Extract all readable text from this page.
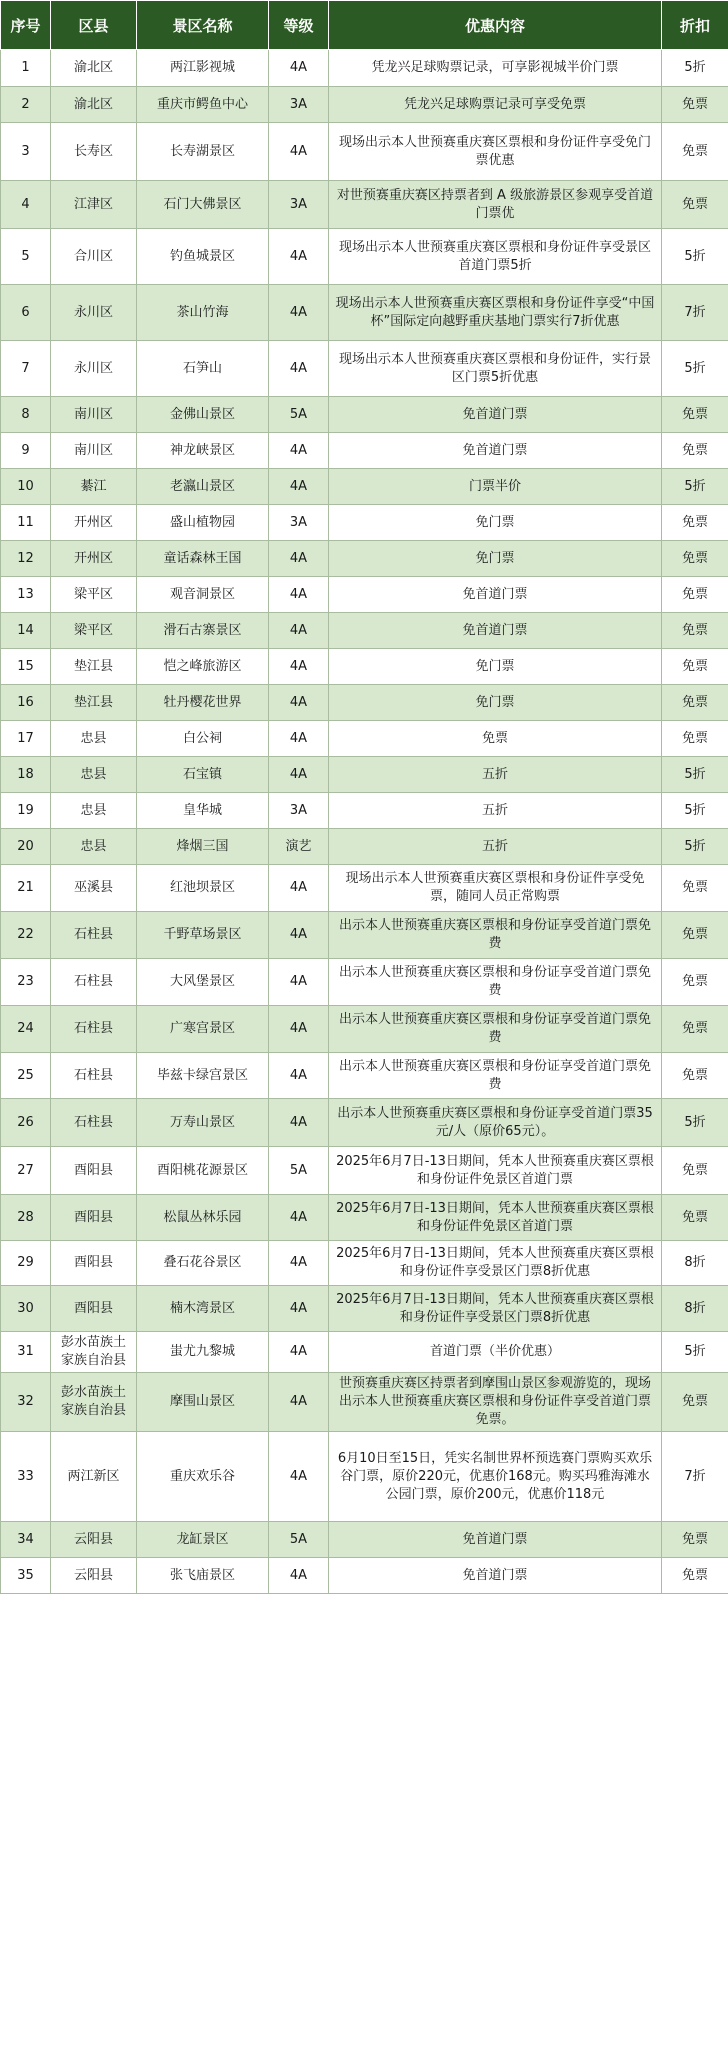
序号	区县	景区名称	等级	优惠内容	折扣
1	渝北区	两江影视城	4A	凭龙兴足球购票记录，可享影视城半价门票	5折
2	渝北区	重庆市鳄鱼中心	3A	凭龙兴足球购票记录可享受免票	免票
3	长寿区	长寿湖景区	4A	现场出示本人世预赛重庆赛区票根和身份证件享受免门票优惠	免票
4	江津区	石门大佛景区	3A	对世预赛重庆赛区持票者到 A 级旅游景区参观享受首道门票优	免票
5	合川区	钓鱼城景区	4A	现场出示本人世预赛重庆赛区票根和身份证件享受景区首道门票5折	5折
6	永川区	茶山竹海	4A	现场出示本人世预赛重庆赛区票根和身份证件享受“中国杯”国际定向越野重庆基地门票实行7折优惠	7折
7	永川区	石笋山	4A	现场出示本人世预赛重庆赛区票根和身份证件，实行景区门票5折优惠	5折
8	南川区	金佛山景区	5A	免首道门票	免票
9	南川区	神龙峡景区	4A	免首道门票	免票
10	綦江	老瀛山景区	4A	门票半价	5折
11	开州区	盛山植物园	3A	免门票	免票
12	开州区	童话森林王国	4A	免门票	免票
13	梁平区	观音洞景区	4A	免首道门票	免票
14	梁平区	滑石古寨景区	4A	免首道门票	免票
15	垫江县	恺之峰旅游区	4A	免门票	免票
16	垫江县	牡丹樱花世界	4A	免门票	免票
17	忠县	白公祠	4A	免票	免票
18	忠县	石宝镇	4A	五折	5折
19	忠县	皇华城	3A	五折	5折
20	忠县	烽烟三国	演艺	五折	5折
21	巫溪县	红池坝景区	4A	现场出示本人世预赛重庆赛区票根和身份证件享受免票，随同人员正常购票	免票
22	石柱县	千野草场景区	4A	出示本人世预赛重庆赛区票根和身份证享受首道门票免费	免票
23	石柱县	大风堡景区	4A	出示本人世预赛重庆赛区票根和身份证享受首道门票免费	免票
24	石柱县	广寒宫景区	4A	出示本人世预赛重庆赛区票根和身份证享受首道门票免费	免票
25	石柱县	毕兹卡绿宫景区	4A	出示本人世预赛重庆赛区票根和身份证享受首道门票免费	免票
26	石柱县	万寿山景区	4A	出示本人世预赛重庆赛区票根和身份证享受首道门票35元/人（原价65元）。	5折
27	酉阳县	酉阳桃花源景区	5A	2025年6月7日-13日期间，凭本人世预赛重庆赛区票根和身份证件免景区首道门票	免票
28	酉阳县	松鼠丛林乐园	4A	2025年6月7日-13日期间，凭本人世预赛重庆赛区票根和身份证件免景区首道门票	免票
29	酉阳县	叠石花谷景区	4A	2025年6月7日-13日期间，凭本人世预赛重庆赛区票根和身份证件享受景区门票8折优惠	8折
30	酉阳县	楠木湾景区	4A	2025年6月7日-13日期间，凭本人世预赛重庆赛区票根和身份证件享受景区门票8折优惠	8折
31	彭水苗族土家族自治县	蚩尤九黎城	4A	首道门票（半价优惠）	5折
32	彭水苗族土家族自治县	摩围山景区	4A	世预赛重庆赛区持票者到摩围山景区参观游览的，现场出示本人世预赛重庆赛区票根和身份证件享受首道门票免票。	免票
33	两江新区	重庆欢乐谷	4A	6月10日至15日，凭实名制世界杯预选赛门票购买欢乐谷门票，原价220元，优惠价168元。购买玛雅海滩水公园门票，原价200元，优惠价118元	7折
34	云阳县	龙缸景区	5A	免首道门票	免票
35	云阳县	张飞庙景区	4A	免首道门票	免票
